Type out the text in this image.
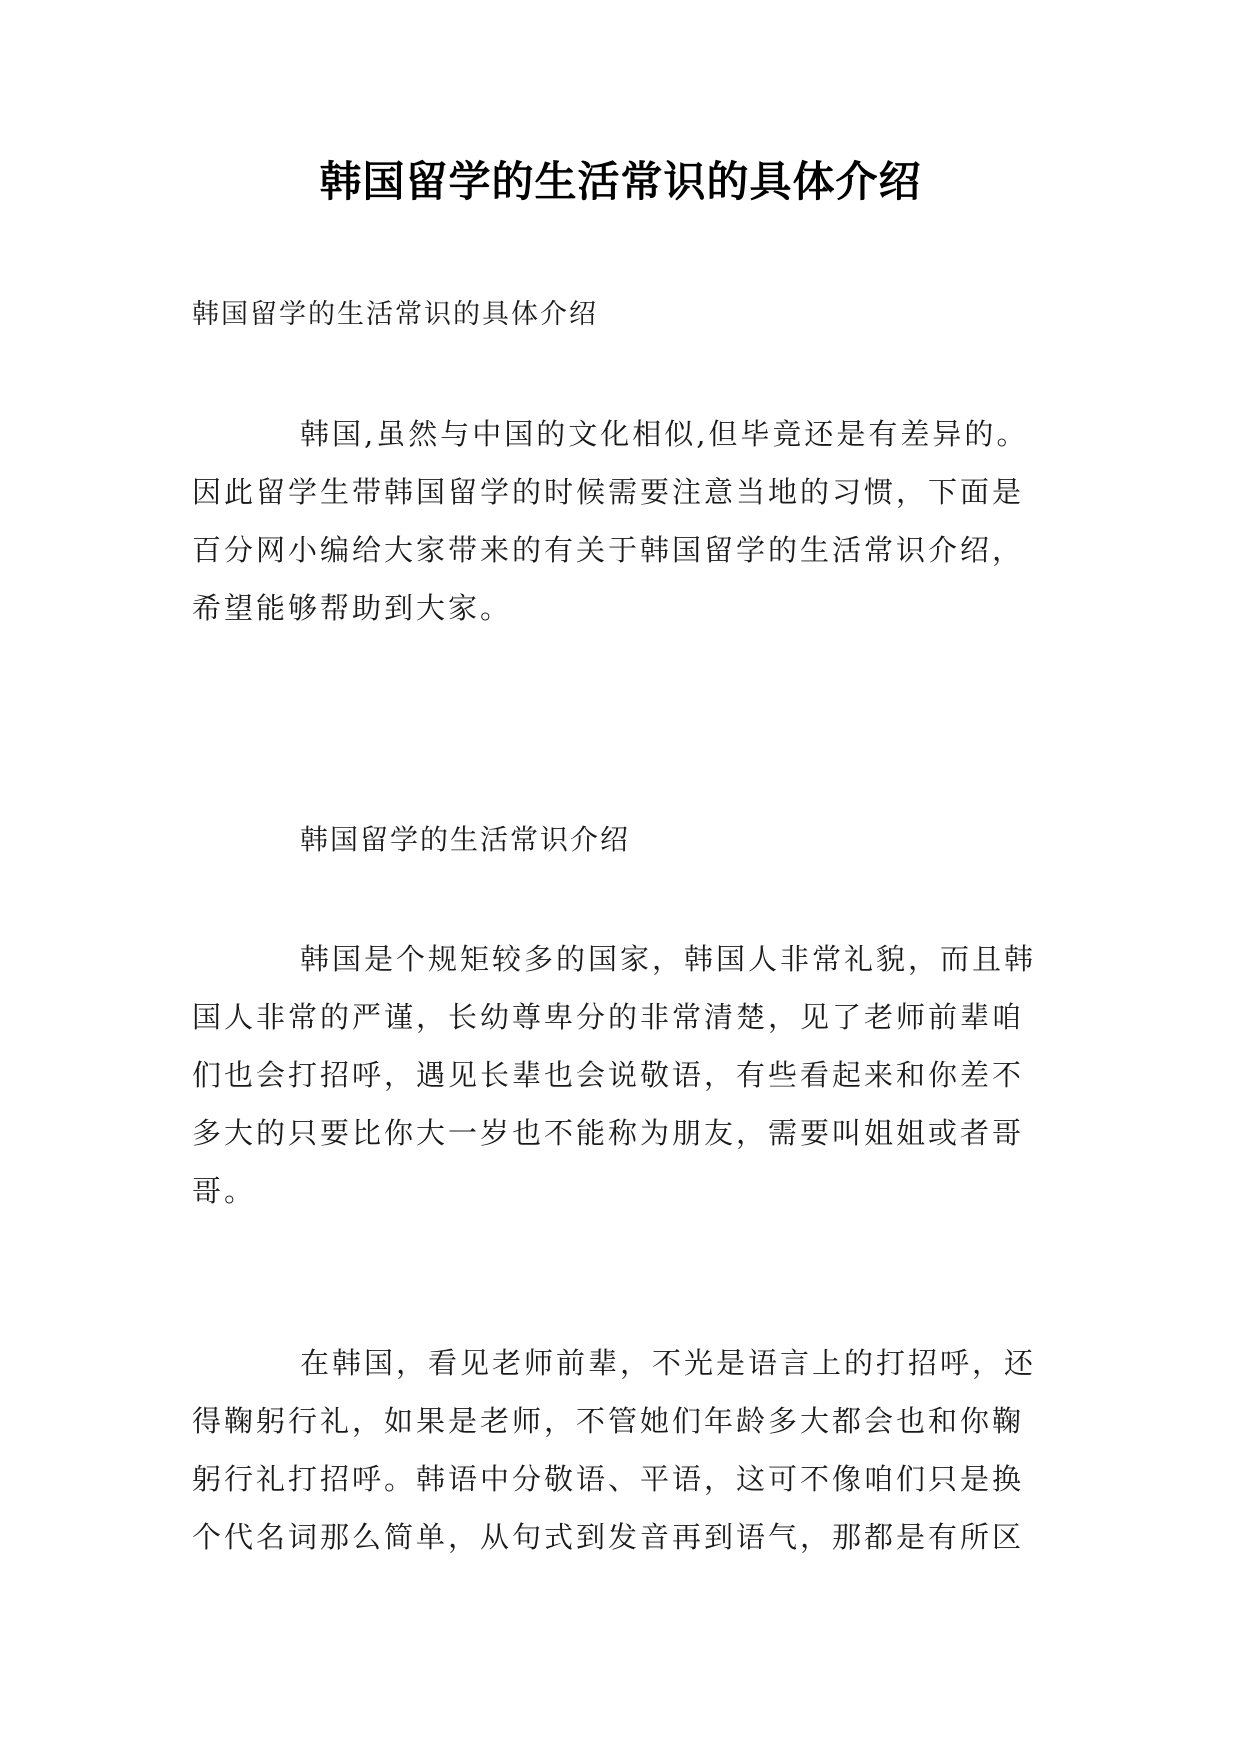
韩国留学的生活常识的具体介绍
韩国留学的生活常识的具体介绍
韩国,虽然与中国的文化相似,但毕竟还是有差异的。
因此留学生带韩国留学的时候需要注意当地的习惯，下面是
百分网小编给大家带来的有关于韩国留学的生活常识介绍，
希望能够帮助到大家。
韩国留学的生活常识介绍
韩国是个规矩较多的国家，韩国人非常礼貌，而且韩
国人非常的严谨，长幼尊卑分的非常清楚，见了老师前辈咱
们也会打招呼，遇见长辈也会说敬语，有些看起来和你差不
多大的只要比你大一岁也不能称为朋友，需要叫姐姐或者哥
哥。
在韩国，看见老师前辈，不光是语言上的打招呼，还
得鞠躬行礼，如果是老师，不管她们年龄多大都会也和你鞠
躬行礼打招呼。韩语中分敬语、平语，这可不像咱们只是换
个代名词那么简单，从句式到发音再到语气，那都是有所区
